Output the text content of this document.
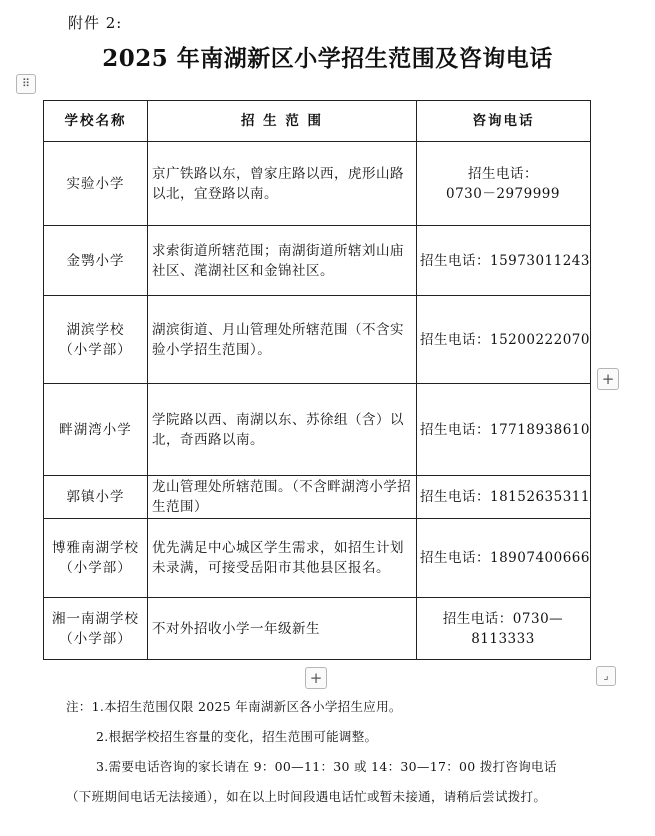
附件 2:
2025 年南湖新区小学招生范围及咨询电话
⠿
学校名称	招 生 范 围	咨询电话
实验小学	京广铁路以东，曾家庄路以西，虎形山路以北，宜登路以南。	招生电话：
0730－2979999

金鹗小学	求索街道所辖范围；南湖街道所辖刘山庙社区、滗湖社区和金锦社区。	招生电话：15973011243

湖滨学校
（小学部）	湖滨街道、月山管理处所辖范围（不含实验小学招生范围）。	招生电话：15200222070
畔湖湾小学	学院路以西、南湖以东、苏徐组（含）以北，奇西路以南。	招生电话：17718938610
郭镇小学	龙山管理处所辖范围。（不含畔湖湾小学招生范围）	招生电话：18152635311

博雅南湖学校
（小学部）	优先满足中心城区学生需求，如招生计划未录满，可接受岳阳市其他县区报名。	招生电话：18907400666

湘一南湖学校
（小学部）	不对外招收小学一年级新生	招生电话：0730—8113333
+
+	⌟

注：1.本招生范围仅限 2025 年南湖新区各小学招生应用。

2.根据学校招生容量的变化，招生范围可能调整。

3.需要电话咨询的家长请在 9：00—11：30 或 14：30—17：00 拨打咨询电话（下班期间电话无法接通），如在以上时间段遇电话忙或暂未接通，请稍后尝试拨打。
